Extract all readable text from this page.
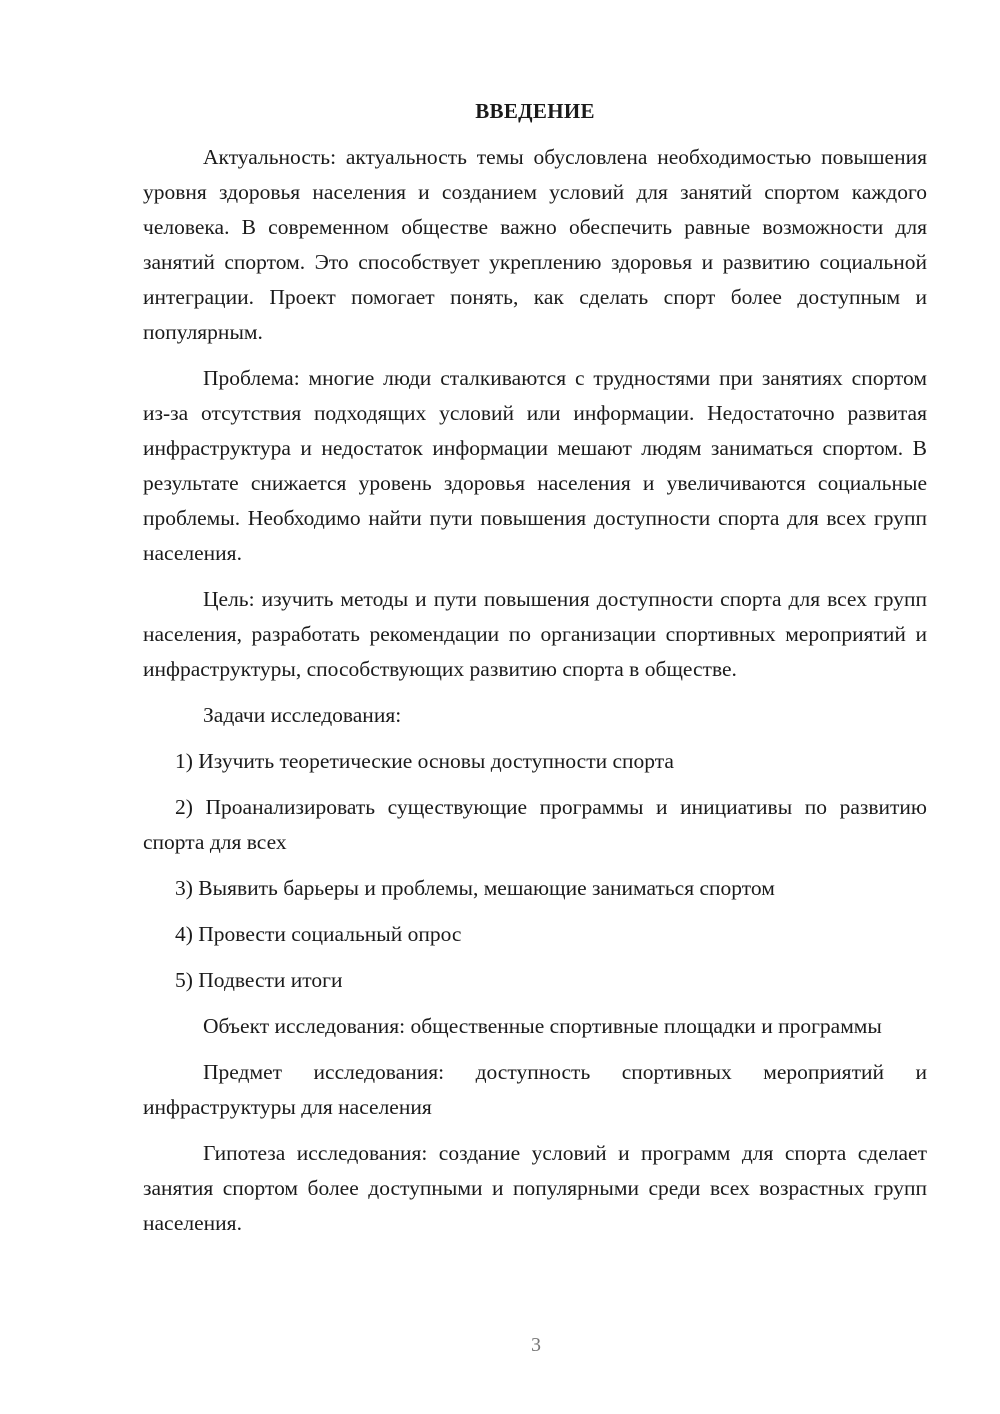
ВВЕДЕНИЕ

Актуальность: актуальность темы обусловлена необходимостью повышения уровня здоровья населения и созданием условий для занятий спортом каждого человека. В современном обществе важно обеспечить равные возможности для занятий спортом. Это способствует укреплению здоровья и развитию социальной интеграции. Проект помогает понять, как сделать спорт более доступным и популярным.

Проблема: многие люди сталкиваются с трудностями при занятиях спортом из-за отсутствия подходящих условий или информации. Недостаточно развитая инфраструктура и недостаток информации мешают людям заниматься спортом. В результате снижается уровень здоровья населения и увеличиваются социальные проблемы. Необходимо найти пути повышения доступности спорта для всех групп населения.

Цель: изучить методы и пути повышения доступности спорта для всех групп населения, разработать рекомендации по организации спортивных мероприятий и инфраструктуры, способствующих развитию спорта в обществе.

Задачи исследования:

1) Изучить теоретические основы доступности спорта

2) Проанализировать существующие программы и инициативы по развитию спорта для всех

3) Выявить барьеры и проблемы, мешающие заниматься спортом

4) Провести социальный опрос

5) Подвести итоги

Объект исследования: общественные спортивные площадки и программы

Предмет исследования: доступность спортивных мероприятий и инфраструктуры для населения

Гипотеза исследования: создание условий и программ для спорта сделает занятия спортом более доступными и популярными среди всех возрастных групп населения.

3
